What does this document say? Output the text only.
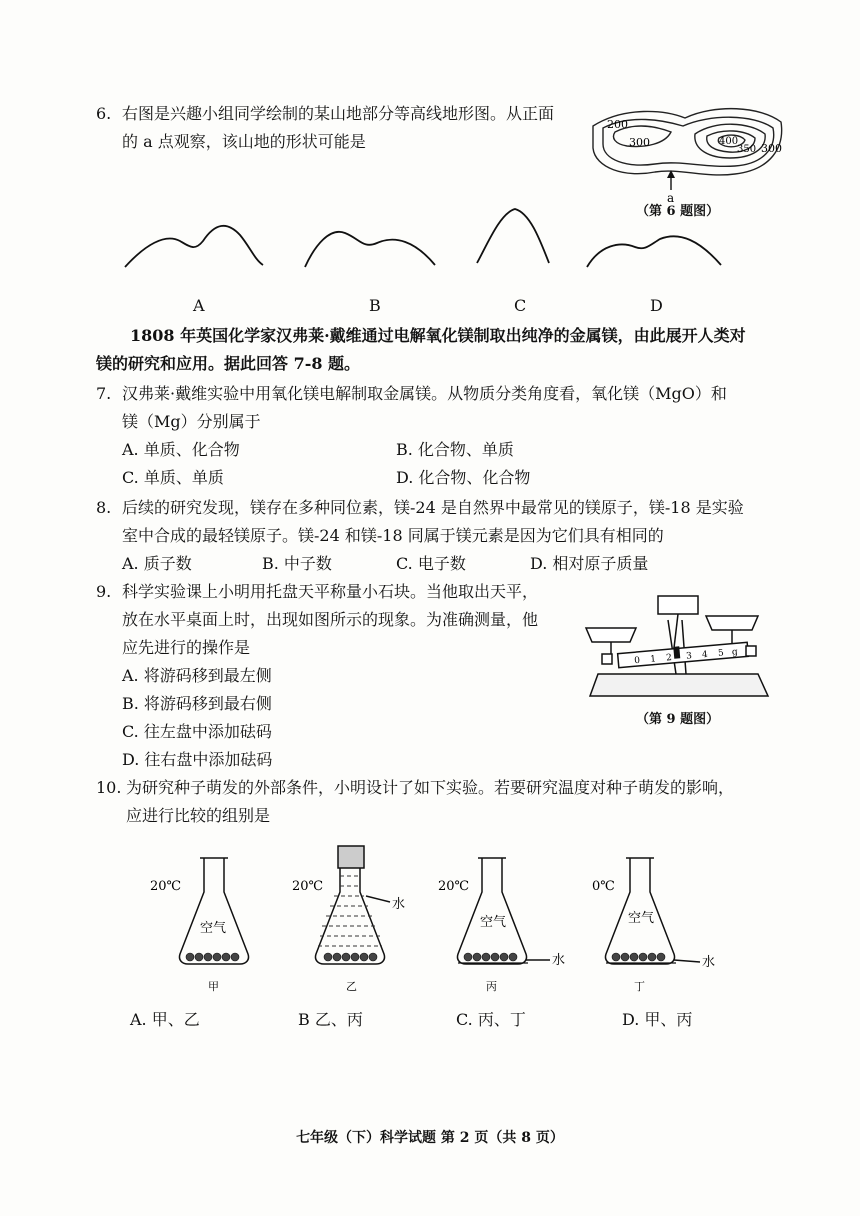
6. 右图是兴趣小组同学绘制的某山地部分等高线地形图。从正面
的 a 点观察，该山地的形状可能是
200
300	400
350 300
a
（第 6 题图）
A	B	C	D
1808 年英国化学家汉弗莱·戴维通过电解氧化镁制取出纯净的金属镁，由此展开人类对
镁的研究和应用。据此回答 7-8 题。
7. 汉弗莱·戴维实验中用氧化镁电解制取金属镁。从物质分类角度看，氧化镁（MgO）和
镁（Mg）分别属于
A. 单质、化合物	B. 化合物、单质
C. 单质、单质	D. 化合物、化合物
8. 后续的研究发现，镁存在多种同位素，镁-24 是自然界中最常见的镁原子，镁-18 是实验
室中合成的最轻镁原子。镁-24 和镁-18 同属于镁元素是因为它们具有相同的
A. 质子数	B. 中子数	C. 电子数	D. 相对原子质量
9. 科学实验课上小明用托盘天平称量小石块。当他取出天平，
放在水平桌面上时，出现如图所示的现象。为准确测量，他
应先进行的操作是
A. 将游码移到最左侧
B. 将游码移到最右侧
C. 往左盘中添加砝码
D. 往右盘中添加砝码
0 1 2 3 4 5 g
（第 9 题图）
10. 为研究种子萌发的外部条件，小明设计了如下实验。若要研究温度对种子萌发的影响，
应进行比较的组别是
20℃
空气
20℃
水
20℃
空气
水
0℃
空气
水
甲	乙	丙	丁
A. 甲、乙	B 乙、丙	C. 丙、丁	D. 甲、丙
七年级（下）科学试题 第 2 页（共 8 页）
